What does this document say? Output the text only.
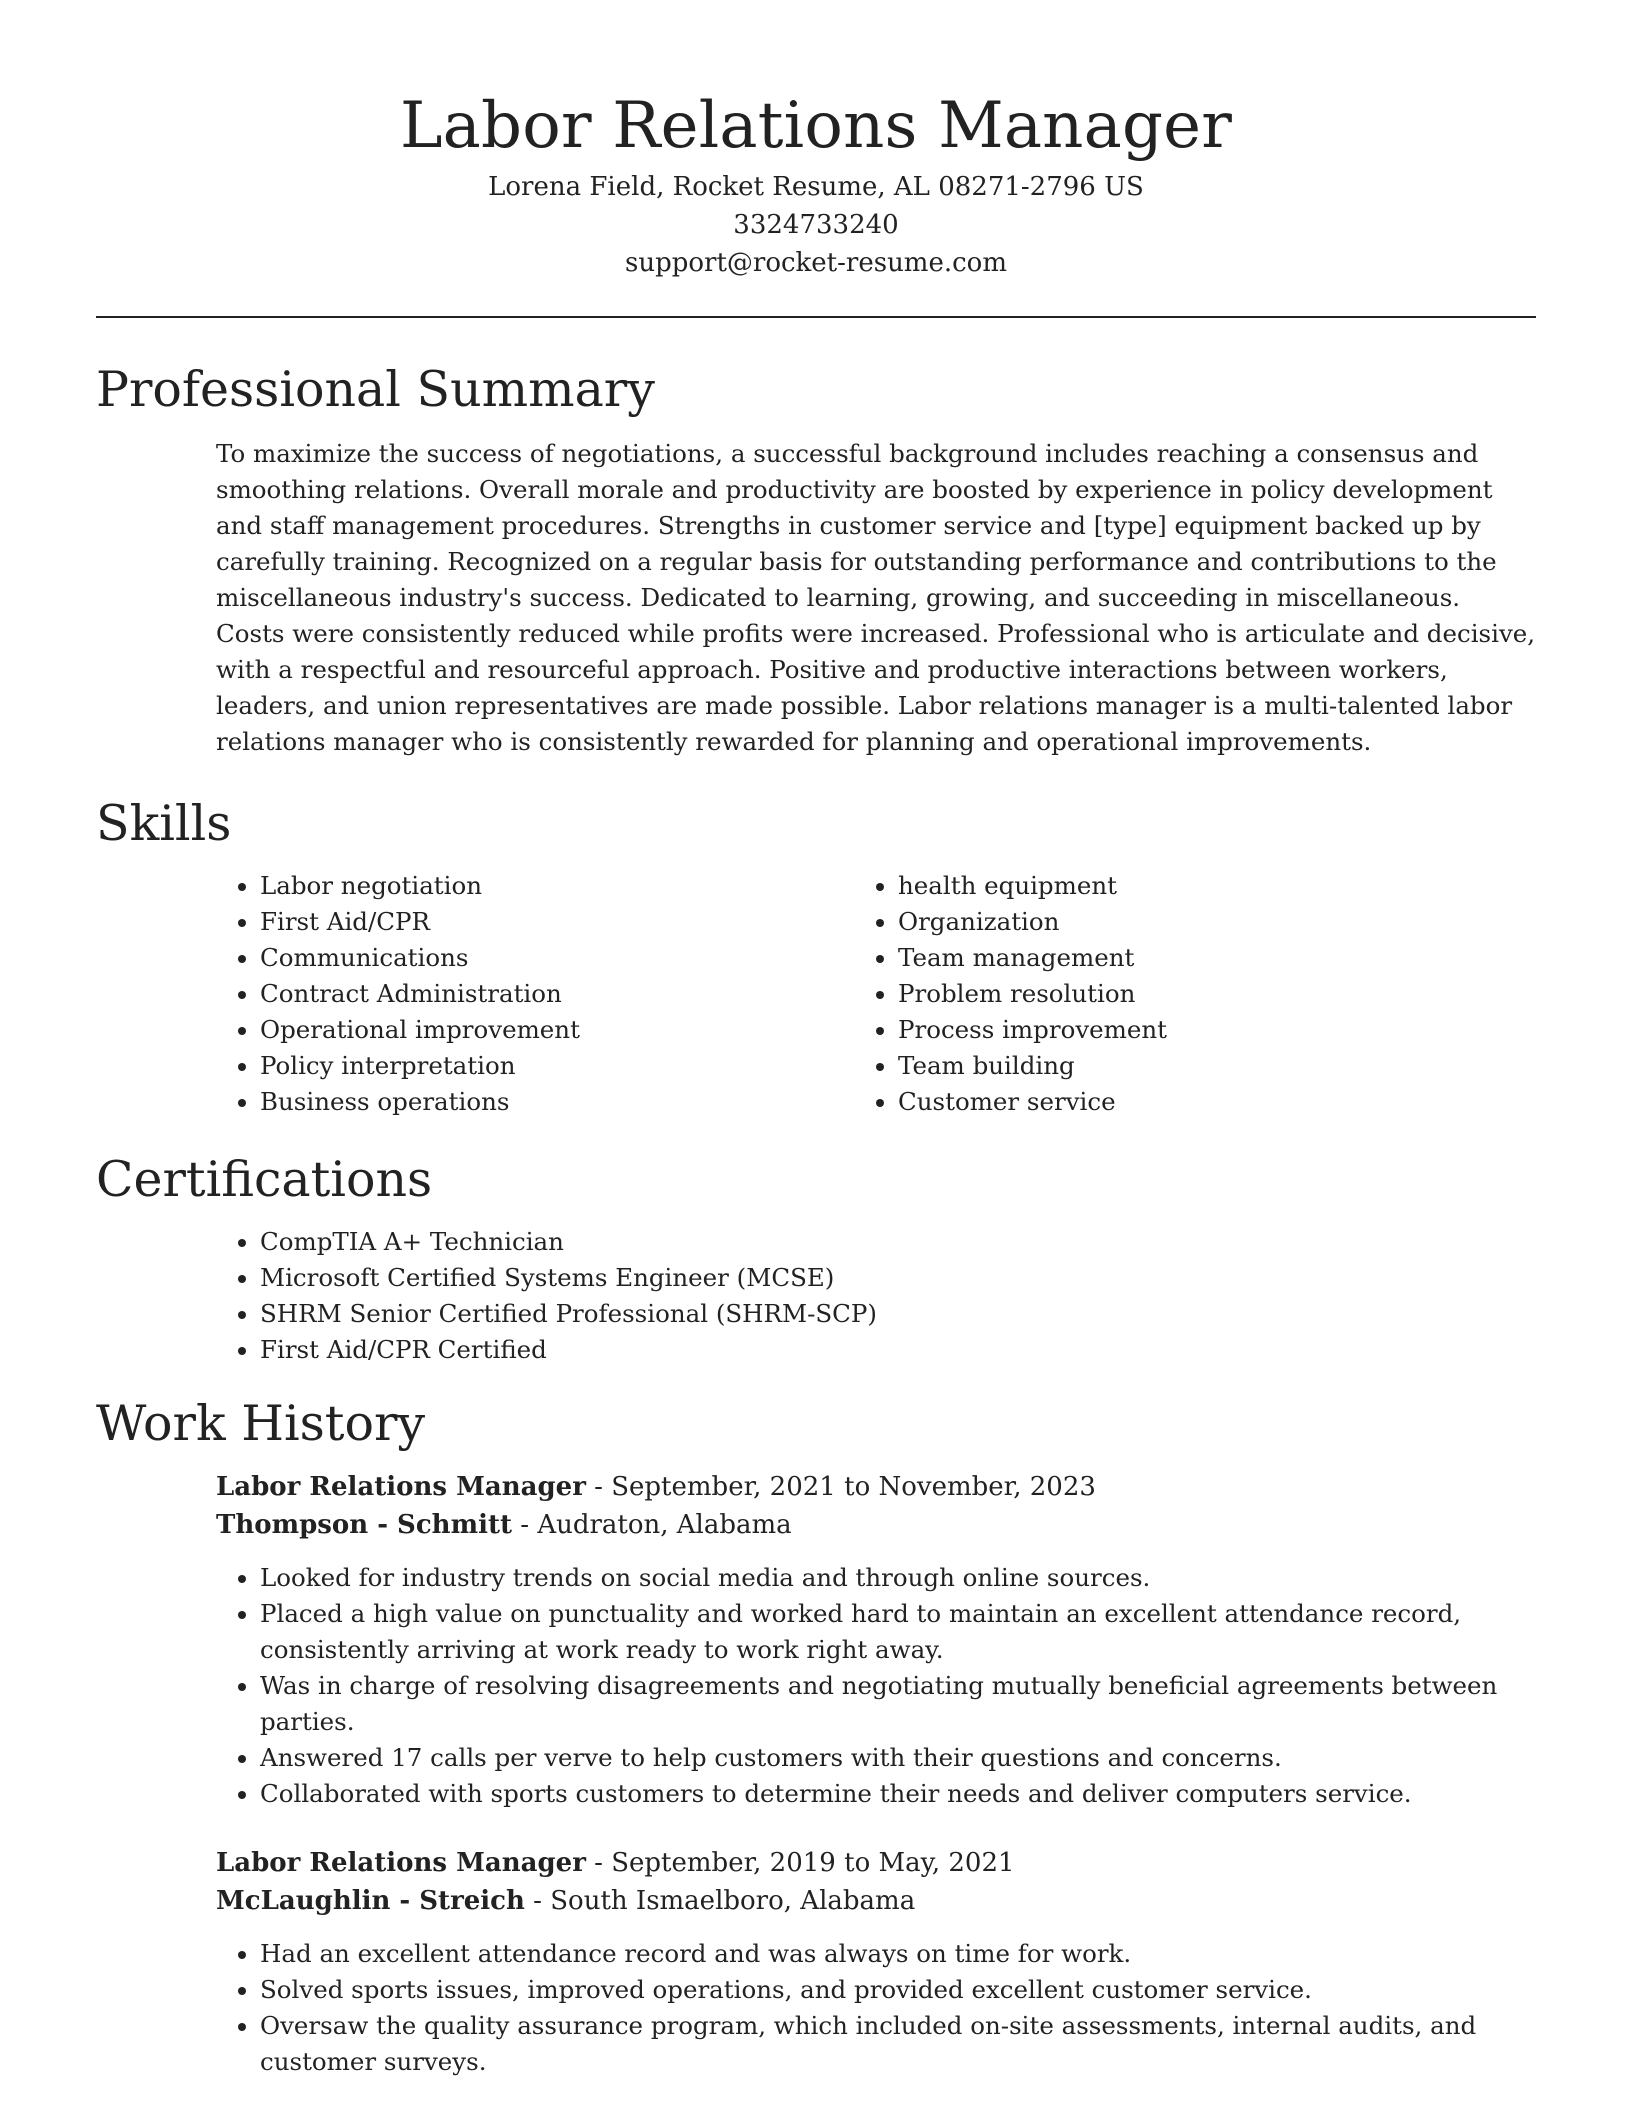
Labor Relations Manager
Lorena Field, Rocket Resume, AL 08271-2796 US
3324733240
support@rocket-resume.com
Professional Summary

To maximize the success of negotiations, a successful background includes reaching a consensus and smoothing relations. Overall morale and productivity are boosted by experience in policy development and staff management procedures. Strengths in customer service and [type] equipment backed up by carefully training. Recognized on a regular basis for outstanding performance and contributions to the miscellaneous industry's success. Dedicated to learning, growing, and succeeding in miscellaneous. Costs were consistently reduced while profits were increased. Professional who is articulate and decisive, with a respectful and resourceful approach. Positive and productive interactions between workers, leaders, and union representatives are made possible. Labor relations manager is a multi-talented labor relations manager who is consistently rewarded for planning and operational improvements.

Skills
• Labor negotiation
• First Aid/CPR
• Communications
• Contract Administration
• Operational improvement
• Policy interpretation
• Business operations
• health equipment
• Organization
• Team management
• Problem resolution
• Process improvement
• Team building
• Customer service
Certifications
• CompTIA A+ Technician
• Microsoft Certified Systems Engineer (MCSE)
• SHRM Senior Certified Professional (SHRM-SCP)
• First Aid/CPR Certified
Work History
Labor Relations Manager - September, 2021 to November, 2023
Thompson - Schmitt - Audraton, Alabama
• Looked for industry trends on social media and through online sources.
• Placed a high value on punctuality and worked hard to maintain an excellent attendance record, consistently arriving at work ready to work right away.
• Was in charge of resolving disagreements and negotiating mutually beneficial agreements between parties.
• Answered 17 calls per verve to help customers with their questions and concerns.
• Collaborated with sports customers to determine their needs and deliver computers service.
Labor Relations Manager - September, 2019 to May, 2021
McLaughlin - Streich - South Ismaelboro, Alabama
• Had an excellent attendance record and was always on time for work.
• Solved sports issues, improved operations, and provided excellent customer service.
• Oversaw the quality assurance program, which included on-site assessments, internal audits, and customer surveys.
